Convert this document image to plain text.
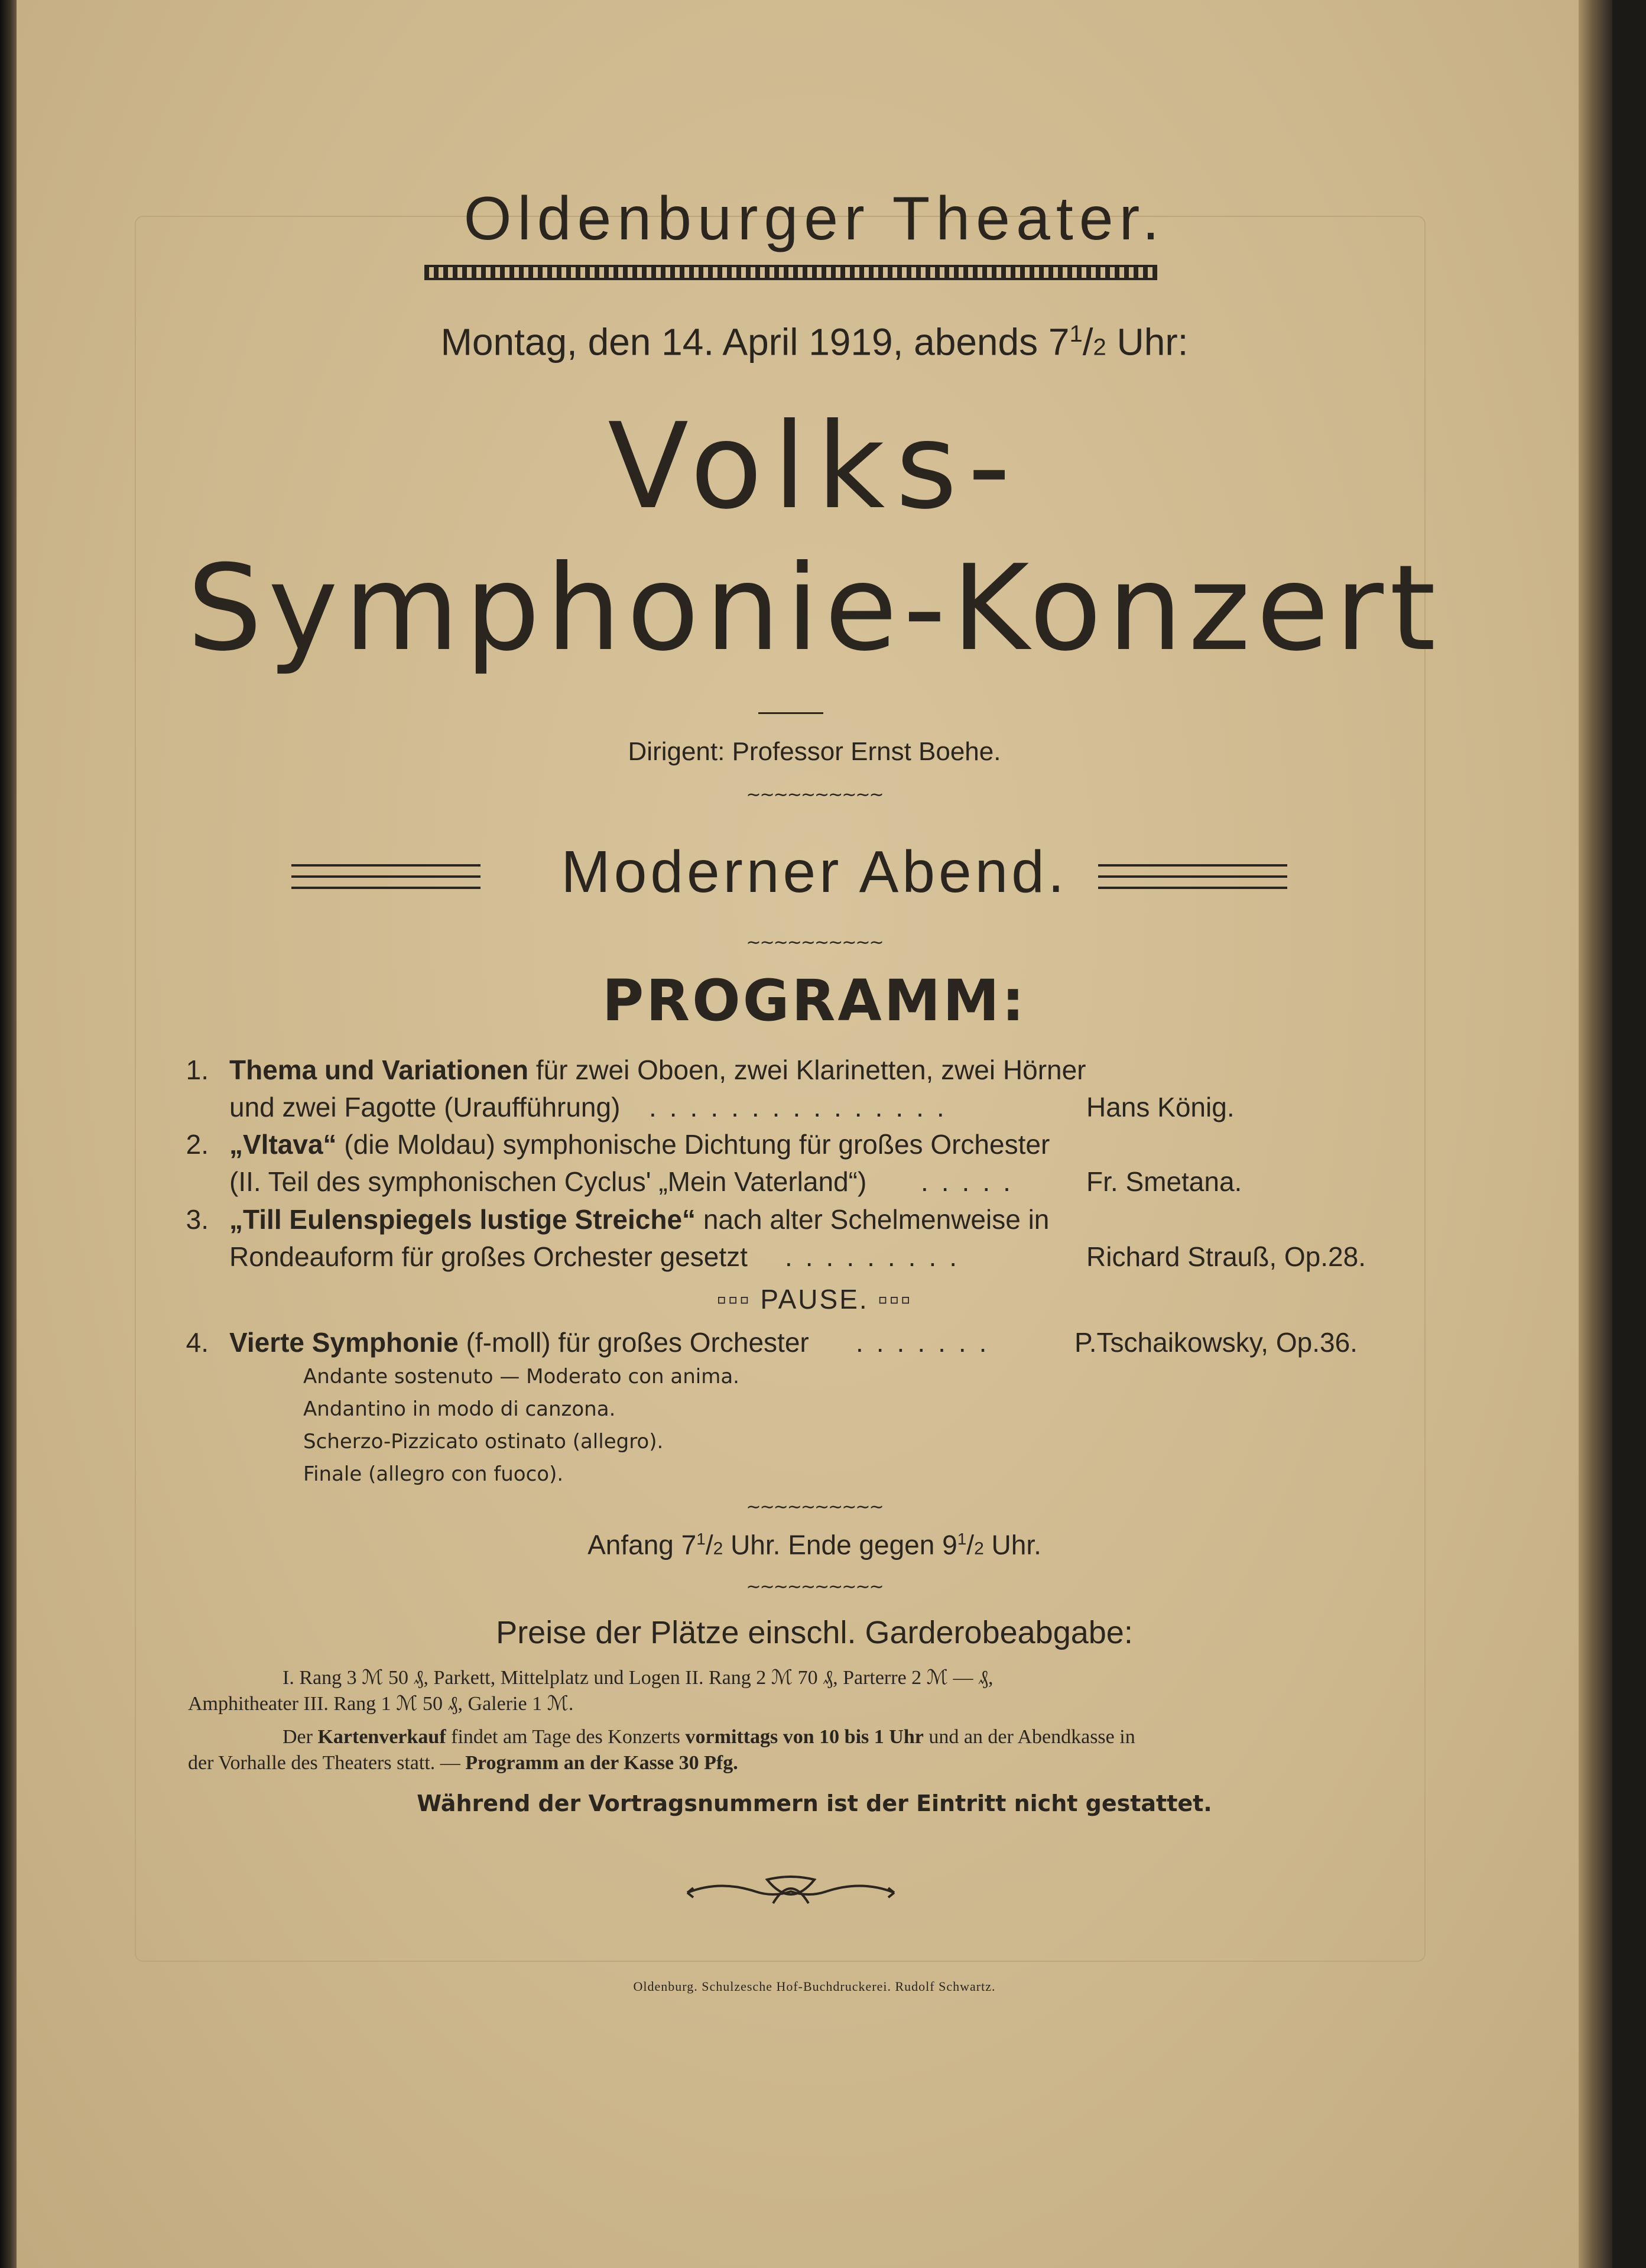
Oldenburger Theater.
Montag, den 14. April 1919, abends $7^1/2$ Uhr:
Volks-
Symphonie-Konzert
Dirigent: Professor Ernst Boehe.
∼∼∼∼∼∼∼∼∼∼
Moderner Abend.
∼∼∼∼∼∼∼∼∼∼
PROGRAMM:
1. Thema und Variationen für zwei Oboen, zwei Klarinetten, zwei Hörner
und zwei Fagotte (Uraufführung) ...............	Hans König.
2. „Vltava“ (die Moldau) symphonische Dichtung für großes Orchester
(II. Teil des symphonischen Cyclus' „Mein Vaterland“) ..... Fr. Smetana.
3. „Till Eulenspiegels lustige Streiche“ nach alter Schelmenweise in
Rondeauform für großes Orchester gesetzt .........	Richard Strauß, Op.28.
▫▫▫ PAUSE. ▫▫▫
4. Vierte Symphonie (f-moll) für großes Orchester .......	P.Tschaikowsky, Op.36.
Andante sostenuto — Moderato con anima.
Andantino in modo di canzona.
Scherzo-Pizzicato ostinato (allegro).
Finale (allegro con fuoco).
∼∼∼∼∼∼∼∼∼∼
Anfang $7^1/2$ Uhr. Ende gegen $9^1/2$ Uhr.
∼∼∼∼∼∼∼∼∼∼
Preise der Plätze einschl. Garderobeabgabe:
I. Rang 3 ℳ 50 ₰, Parkett, Mittelplatz und Logen II. Rang 2 ℳ 70 ₰, Parterre 2 ℳ — ₰,
Amphitheater III. Rang 1 ℳ 50 ₰, Galerie 1 ℳ.
Der Kartenverkauf findet am Tage des Konzerts vormittags von 10 bis 1 Uhr und an der Abendkasse in
der Vorhalle des Theaters statt. — Programm an der Kasse 30 Pfg.
Während der Vortragsnummern ist der Eintritt nicht gestattet.
Oldenburg. Schulzesche Hof-Buchdruckerei. Rudolf Schwartz.
